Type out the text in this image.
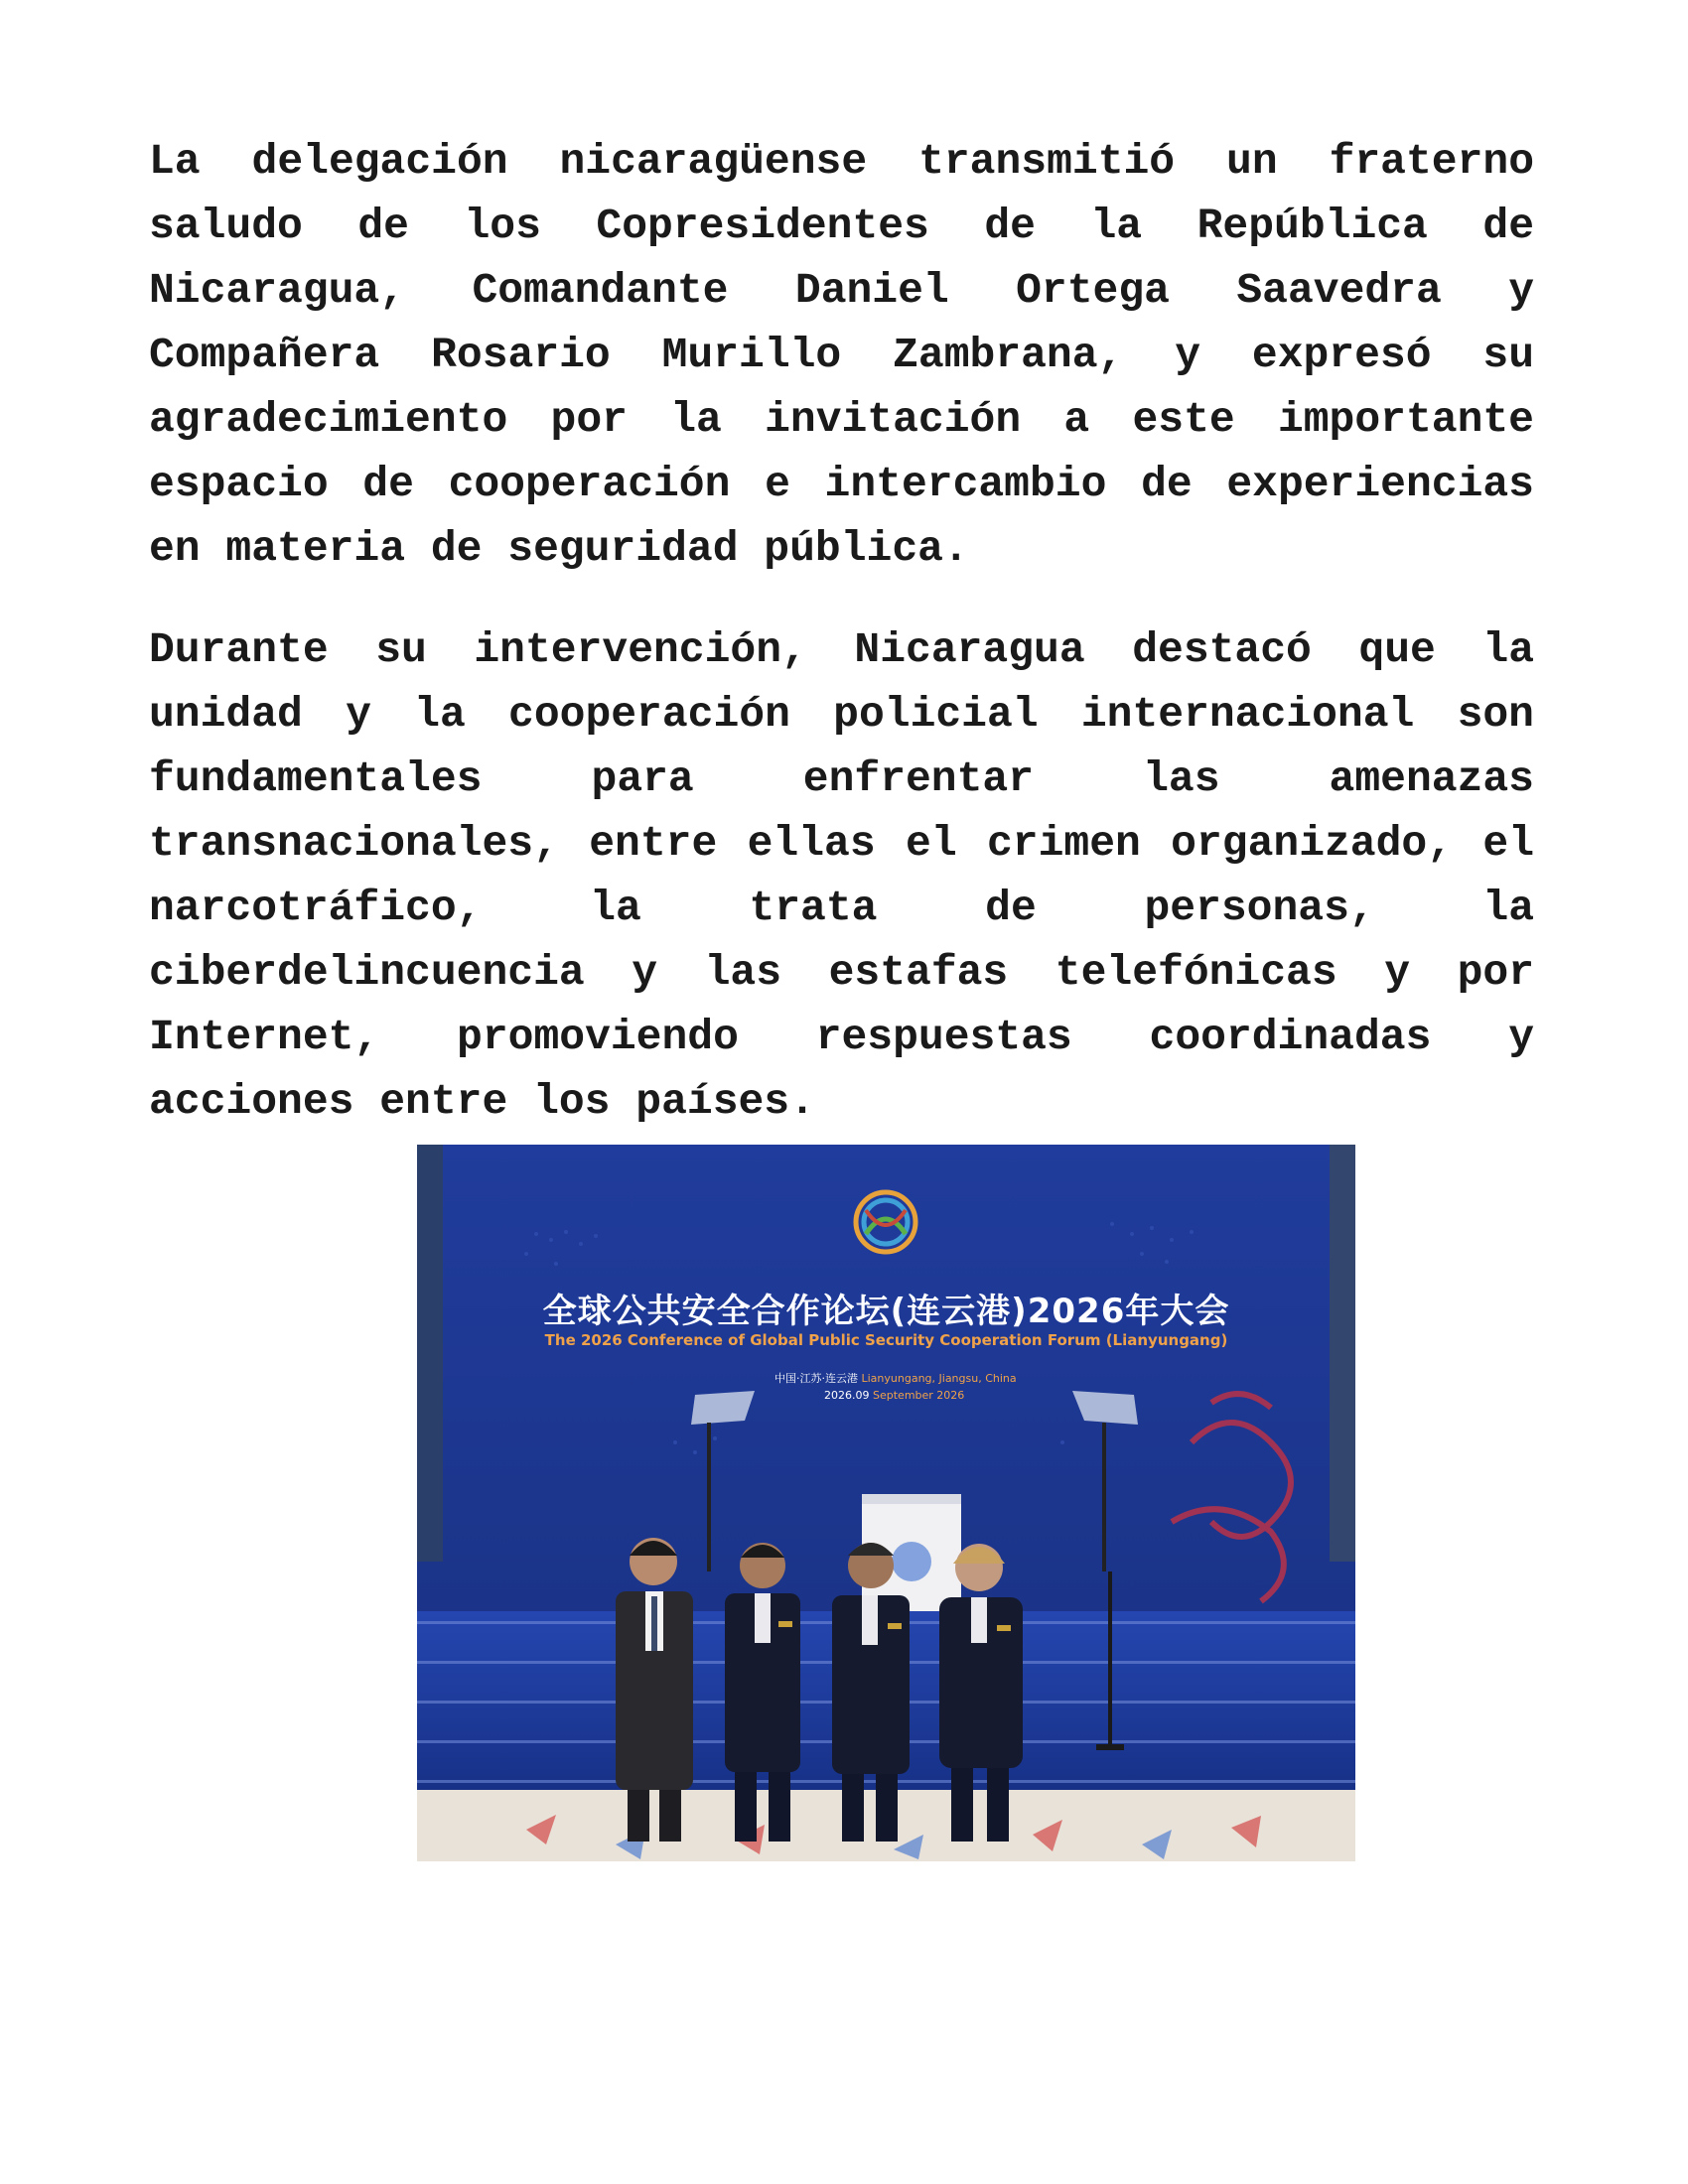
La delegación nicaragüense transmitió un fraterno saludo de los Copresidentes de la República de Nicaragua, Comandante Daniel Ortega Saavedra y Compañera Rosario Murillo Zambrana, y expresó su agradecimiento por la invitación a este importante espacio de cooperación e intercambio de experiencias en materia de seguridad pública.

Durante su intervención, Nicaragua destacó que la unidad y la cooperación policial internacional son fundamentales para enfrentar las amenazas transnacionales, entre ellas el crimen organizado, el narcotráfico, la trata de personas, la ciberdelincuencia y las estafas telefónicas y por Internet, promoviendo respuestas coordinadas y acciones entre los países.

全球公共安全合作论坛(连云港)2026年大会
The 2026 Conference of Global Public Security Cooperation Forum (Lianyungang)
中国·江苏·连云港 Lianyungang, Jiangsu, China
2026.09 September 2026
